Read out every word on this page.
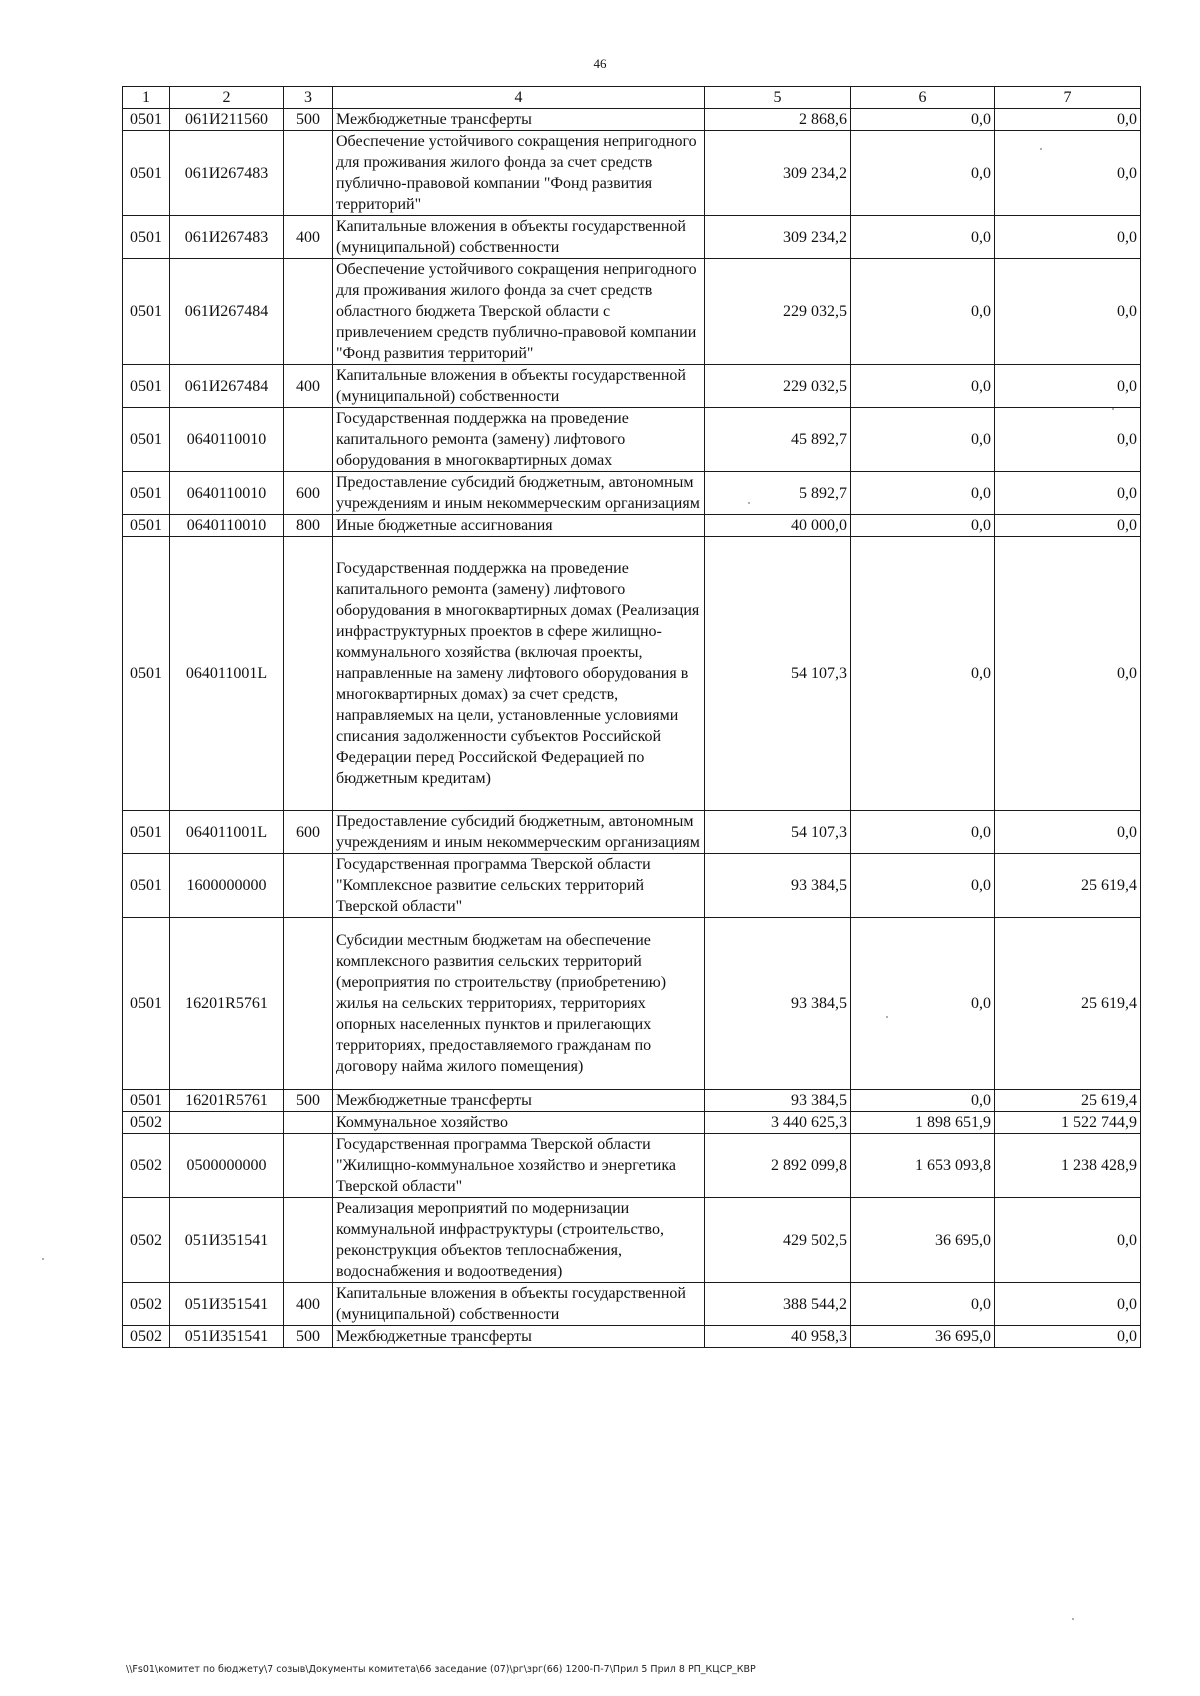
46
1	2	3	4	5	6	7
0501	061И211560	500	Межбюджетные трансферты	2 868,6	0,0	0,0
0501	061И267483		Обеспечение устойчивого сокращения непригодного для проживания жилого фонда за счет средств публично-правовой компании "Фонд развития территорий"	309 234,2	0,0	0,0
0501	061И267483	400	Капитальные вложения в объекты государственной (муниципальной) собственности	309 234,2	0,0	0,0
0501	061И267484		Обеспечение устойчивого сокращения непригодного для проживания жилого фонда за счет средств областного бюджета Тверской области с привлечением средств публично-правовой компании "Фонд развития территорий"	229 032,5	0,0	0,0
0501	061И267484	400	Капитальные вложения в объекты государственной (муниципальной) собственности	229 032,5	0,0	0,0
0501	0640110010		Государственная поддержка на проведение капитального ремонта (замену) лифтового оборудования в многоквартирных домах	45 892,7	0,0	0,0
0501	0640110010	600	Предоставление субсидий бюджетным, автономным учреждениям и иным некоммерческим организациям	5 892,7	0,0	0,0
0501	0640110010	800	Иные бюджетные ассигнования	40 000,0	0,0	0,0
0501	064011001L		Государственная поддержка на проведение капитального ремонта (замену) лифтового оборудования в многоквартирных домах (Реализация инфраструктурных проектов в сфере жилищно-коммунального хозяйства (включая проекты, направленные на замену лифтового оборудования в многоквартирных домах) за счет средств, направляемых на цели, установленные условиями списания задолженности субъектов Российской Федерации перед Российской Федерацией по бюджетным кредитам)	54 107,3	0,0	0,0
0501	064011001L	600	Предоставление субсидий бюджетным, автономным учреждениям и иным некоммерческим организациям	54 107,3	0,0	0,0
0501	1600000000		Государственная программа Тверской области "Комплексное развитие сельских территорий Тверской области"	93 384,5	0,0	25 619,4
0501	16201R5761		Субсидии местным бюджетам на обеспечение комплексного развития сельских территорий (мероприятия по строительству (приобретению) жилья на сельских территориях, территориях опорных населенных пунктов и прилегающих территориях, предоставляемого гражданам по договору найма жилого помещения)	93 384,5	0,0	25 619,4
0501	16201R5761	500	Межбюджетные трансферты	93 384,5	0,0	25 619,4
0502			Коммунальное хозяйство	3 440 625,3	1 898 651,9	1 522 744,9
0502	0500000000		Государственная программа Тверской области "Жилищно-коммунальное хозяйство и энергетика Тверской области"	2 892 099,8	1 653 093,8	1 238 428,9
0502	051И351541		Реализация мероприятий по модернизации коммунальной инфраструктуры (строительство, реконструкция объектов теплоснабжения, водоснабжения и водоотведения)	429 502,5	36 695,0	0,0
0502	051И351541	400	Капитальные вложения в объекты государственной (муниципальной) собственности	388 544,2	0,0	0,0
0502	051И351541	500	Межбюджетные трансферты	40 958,3	36 695,0	0,0
\\Fs01\комитет по бюджету\7 созыв\Документы комитета\66 заседание (07)\рг\зрг(66) 1200-П-7\Прил 5 Прил 8 РП_КЦСР_КВР
